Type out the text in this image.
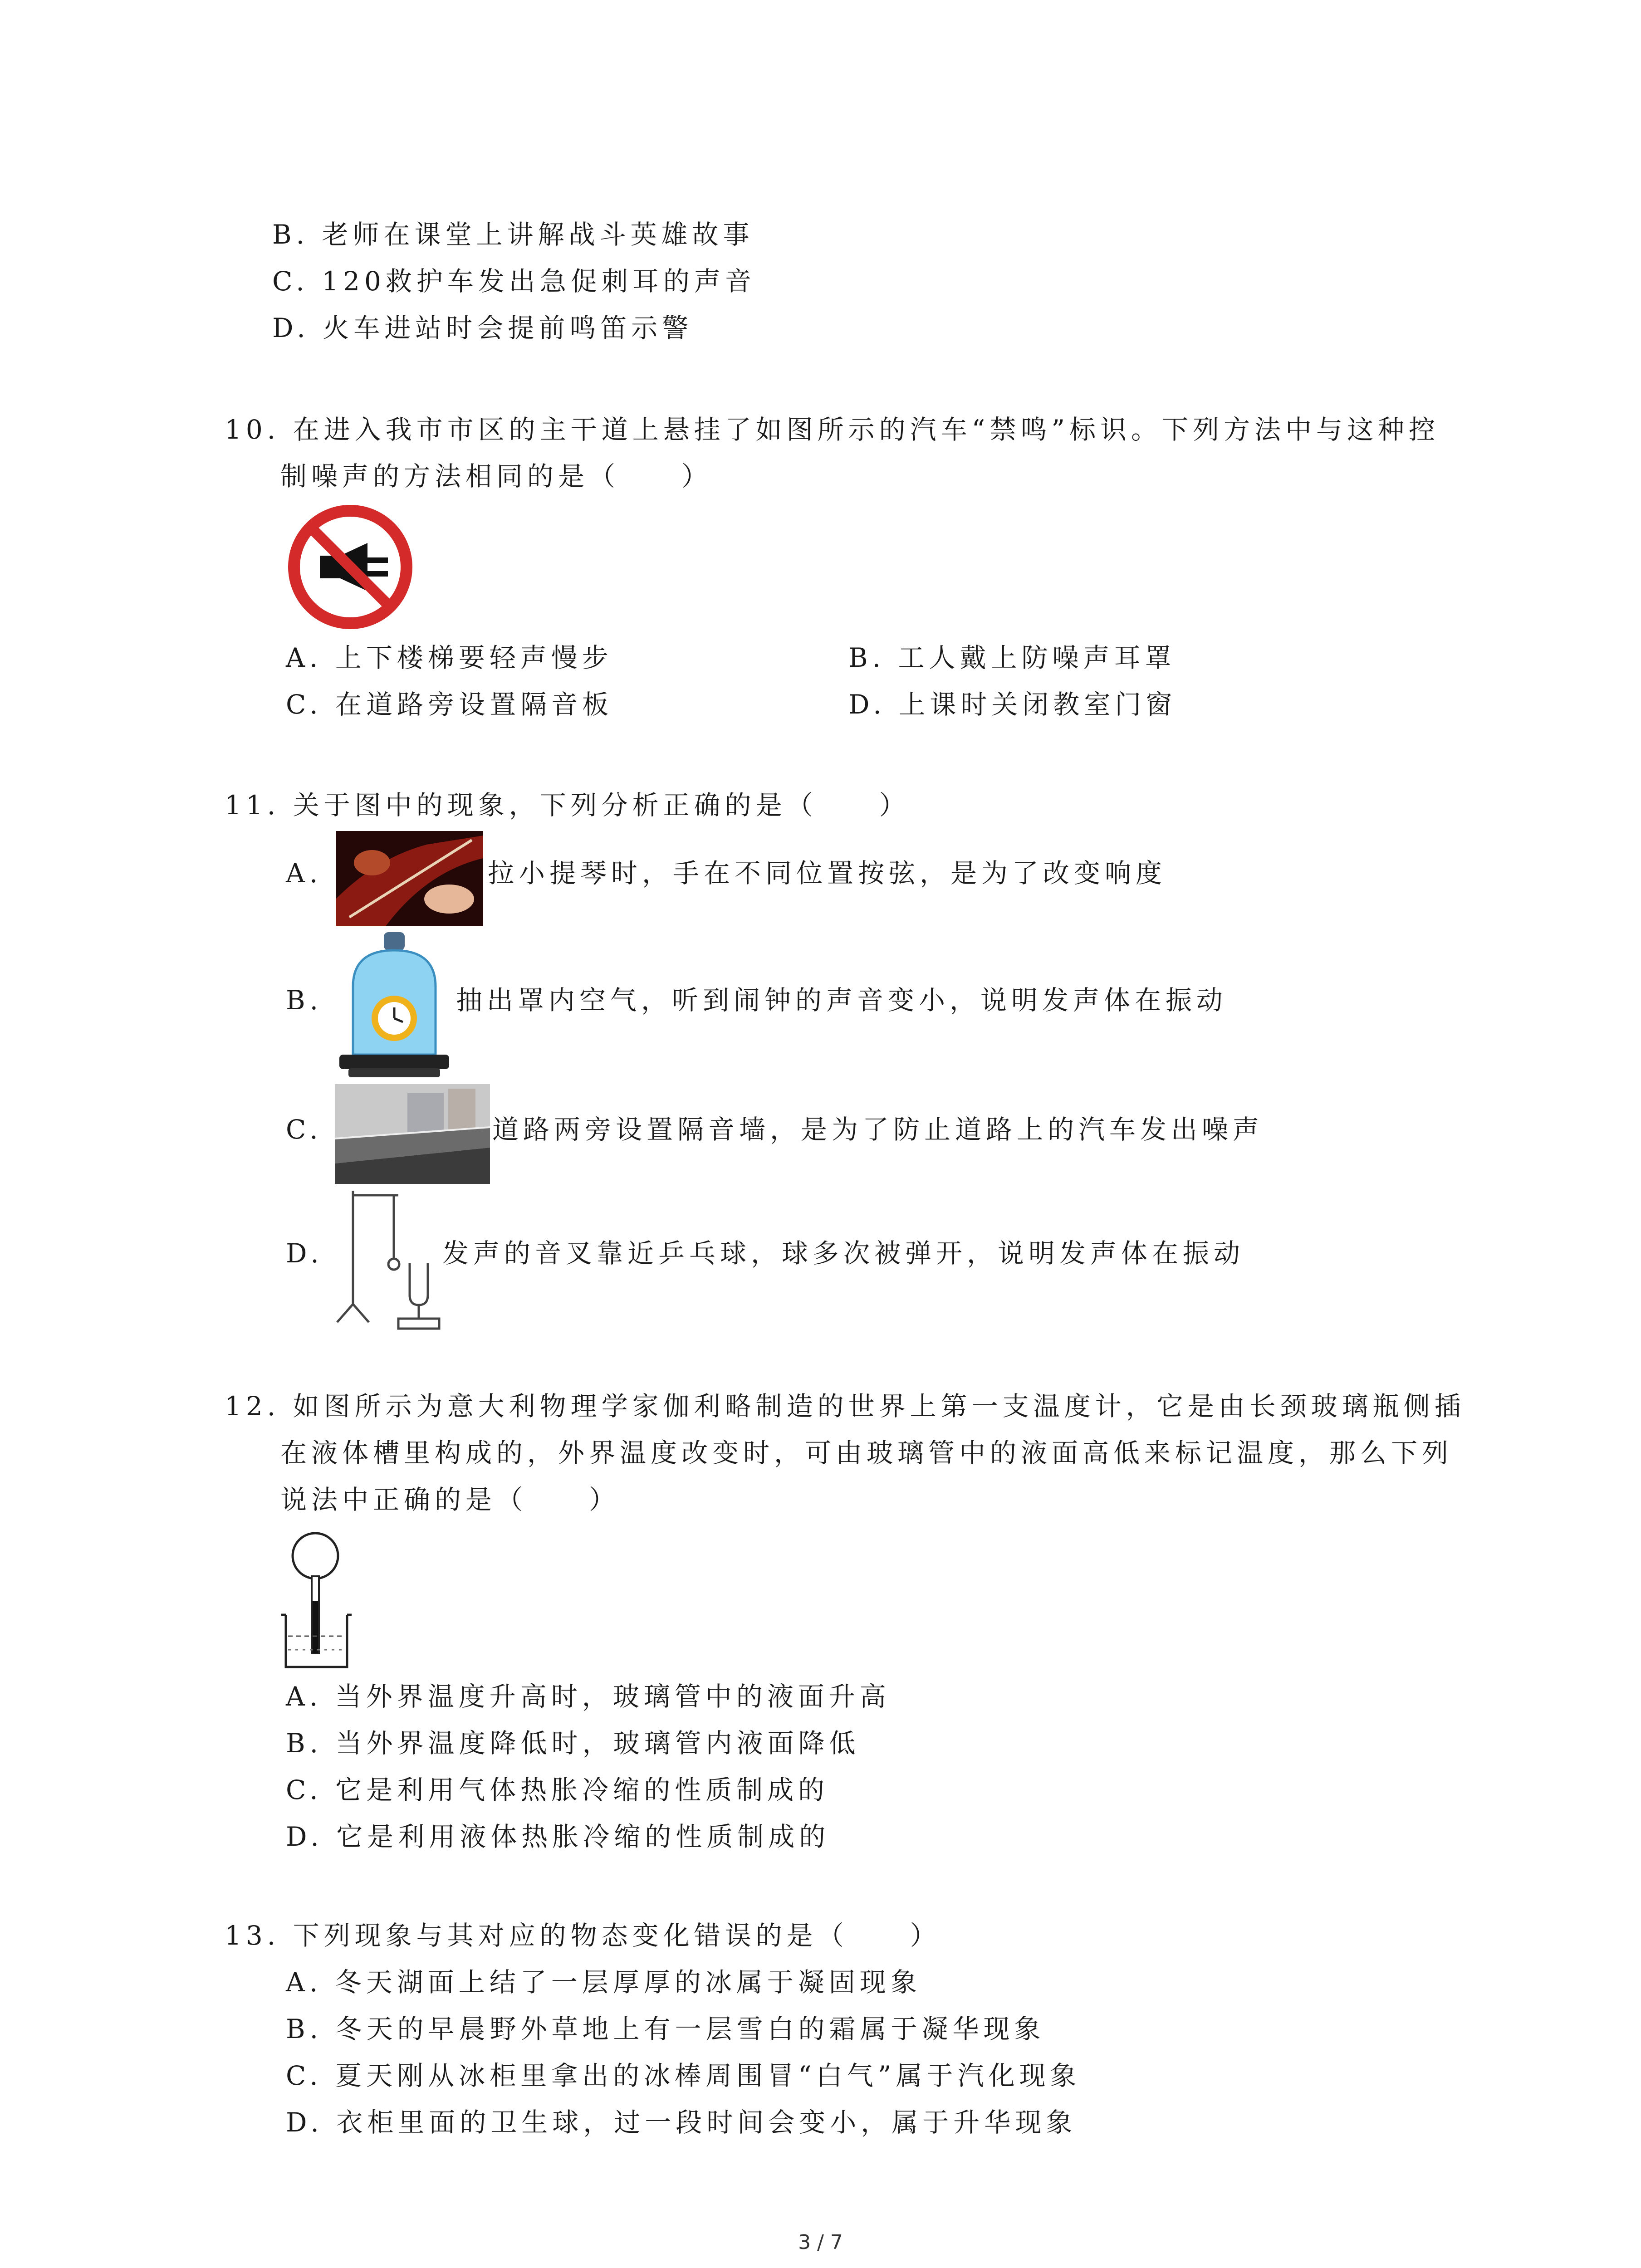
B. 老师在课堂上讲解战斗英雄故事
C. 120救护车发出急促刺耳的声音
D. 火车进站时会提前鸣笛示警
10. 在进入我市市区的主干道上悬挂了如图所示的汽车“禁鸣”标识。下列方法中与这种控
制噪声的方法相同的是（　　）
A. 上下楼梯要轻声慢步	B. 工人戴上防噪声耳罩
C. 在道路旁设置隔音板	D. 上课时关闭教室门窗
11. 关于图中的现象，下列分析正确的是（　　）
A.	拉小提琴时，手在不同位置按弦，是为了改变响度
B.	抽出罩内空气，听到闹钟的声音变小，说明发声体在振动
C.	道路两旁设置隔音墙，是为了防止道路上的汽车发出噪声
D.	发声的音叉靠近乒乓球，球多次被弹开，说明发声体在振动
12. 如图所示为意大利物理学家伽利略制造的世界上第一支温度计，它是由长颈玻璃瓶侧插
在液体槽里构成的，外界温度改变时，可由玻璃管中的液面高低来标记温度，那么下列
说法中正确的是（　　）
A. 当外界温度升高时，玻璃管中的液面升高
B. 当外界温度降低时，玻璃管内液面降低
C. 它是利用气体热胀冷缩的性质制成的
D. 它是利用液体热胀冷缩的性质制成的
13. 下列现象与其对应的物态变化错误的是（　　）
A. 冬天湖面上结了一层厚厚的冰属于凝固现象
B. 冬天的早晨野外草地上有一层雪白的霜属于凝华现象
C. 夏天刚从冰柜里拿出的冰棒周围冒“白气”属于汽化现象
D. 衣柜里面的卫生球，过一段时间会变小，属于升华现象
3 / 7
